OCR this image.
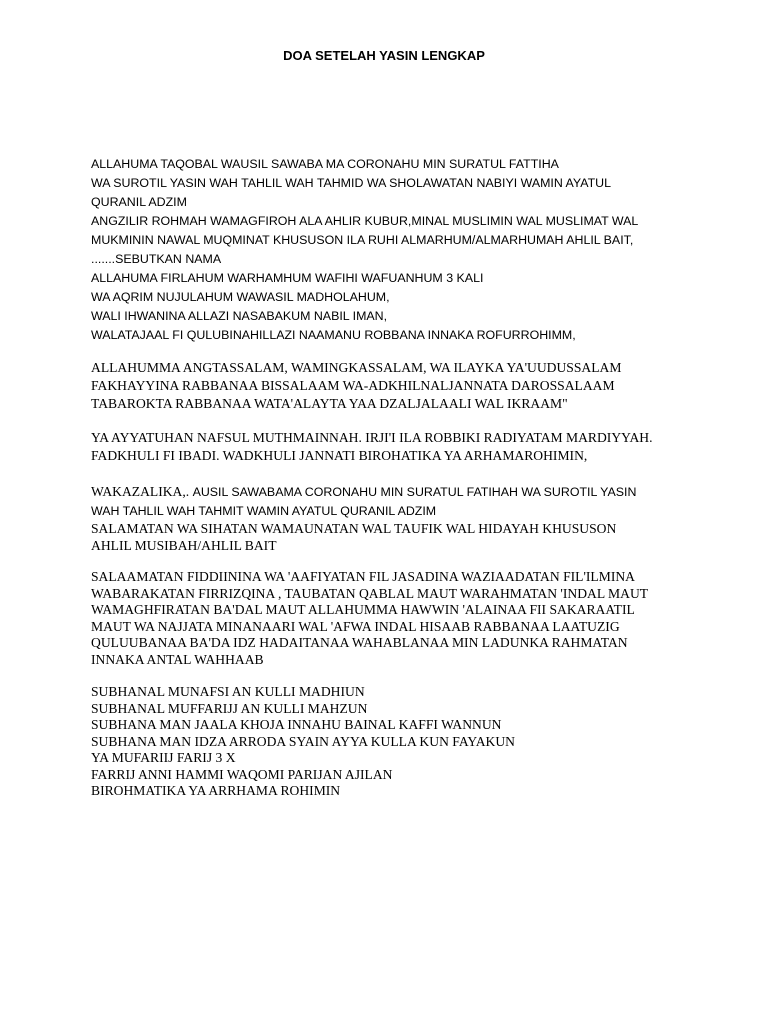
DOA SETELAH YASIN LENGKAP
ALLAHUMA TAQOBAL WAUSIL SAWABA MA CORONAHU MIN SURATUL FATTIHA
WA SUROTIL YASIN WAH TAHLIL WAH TAHMID WA SHOLAWATAN NABIYI WAMIN AYATUL
QURANIL ADZIM
ANGZILIR ROHMAH WAMAGFIROH ALA AHLIR KUBUR,MINAL MUSLIMIN WAL MUSLIMAT WAL
MUKMININ NAWAL MUQMINAT KHUSUSON ILA RUHI ALMARHUM/ALMARHUMAH AHLIL BAIT,
.......SEBUTKAN NAMA
ALLAHUMA FIRLAHUM WARHAMHUM WAFIHI WAFUANHUM 3 KALI
WA AQRIM NUJULAHUM WAWASIL MADHOLAHUM,
WALI IHWANINA ALLAZI NASABAKUM NABIL IMAN,
WALATAJAAL FI QULUBINAHILLAZI NAAMANU ROBBANA INNAKA ROFURROHIMM,
ALLAHUMMA ANGTASSALAM, WAMINGKASSALAM, WA ILAYKA YA'UUDUSSALAM
FAKHAYYINA RABBANAA BISSALAAM WA-ADKHILNALJANNATA DAROSSALAAM
TABAROKTA RABBANAA WATA'ALAYTA YAA DZALJALAALI WAL IKRAAM"
YA AYYATUHAN NAFSUL MUTHMAINNAH. IRJI'I ILA ROBBIKI RADIYATAM MARDIYYAH.
FADKHULI FI IBADI. WADKHULI JANNATI BIROHATIKA YA ARHAMAROHIMIN,
WAKAZALIKA,. AUSIL SAWABAMA CORONAHU MIN SURATUL FATIHAH WA SUROTIL YASIN
WAH TAHLIL WAH TAHMIT WAMIN AYATUL QURANIL ADZIM
SALAMATAN WA SIHATAN WAMAUNATAN WAL TAUFIK WAL HIDAYAH KHUSUSON
AHLIL MUSIBAH/AHLIL BAIT
SALAAMATAN FIDDIININA WA 'AAFIYATAN FIL JASADINA WAZIAADATAN FIL'ILMINA
WABARAKATAN FIRRIZQINA , TAUBATAN QABLAL MAUT WARAHMATAN 'INDAL MAUT
WAMAGHFIRATAN BA'DAL MAUT ALLAHUMMA HAWWIN 'ALAINAA FII SAKARAATIL
MAUT WA NAJJATA MINANAARI WAL 'AFWA INDAL HISAAB RABBANAA LAATUZIG
QULUUBANAA BA'DA IDZ HADAITANAA WAHABLANAA MIN LADUNKA RAHMATAN
INNAKA ANTAL WAHHAAB
SUBHANAL MUNAFSI AN KULLI MADHIUN
SUBHANAL MUFFARIJJ AN KULLI MAHZUN
SUBHANA MAN JAALA KHOJA INNAHU BAINAL KAFFI WANNUN
SUBHANA MAN IDZA ARRODA SYAIN AYYA KULLA KUN FAYAKUN
YA MUFARIIJ FARIJ 3 X
FARRIJ ANNI HAMMI WAQOMI PARIJAN AJILAN
BIROHMATIKA YA ARRHAMA ROHIMIN
